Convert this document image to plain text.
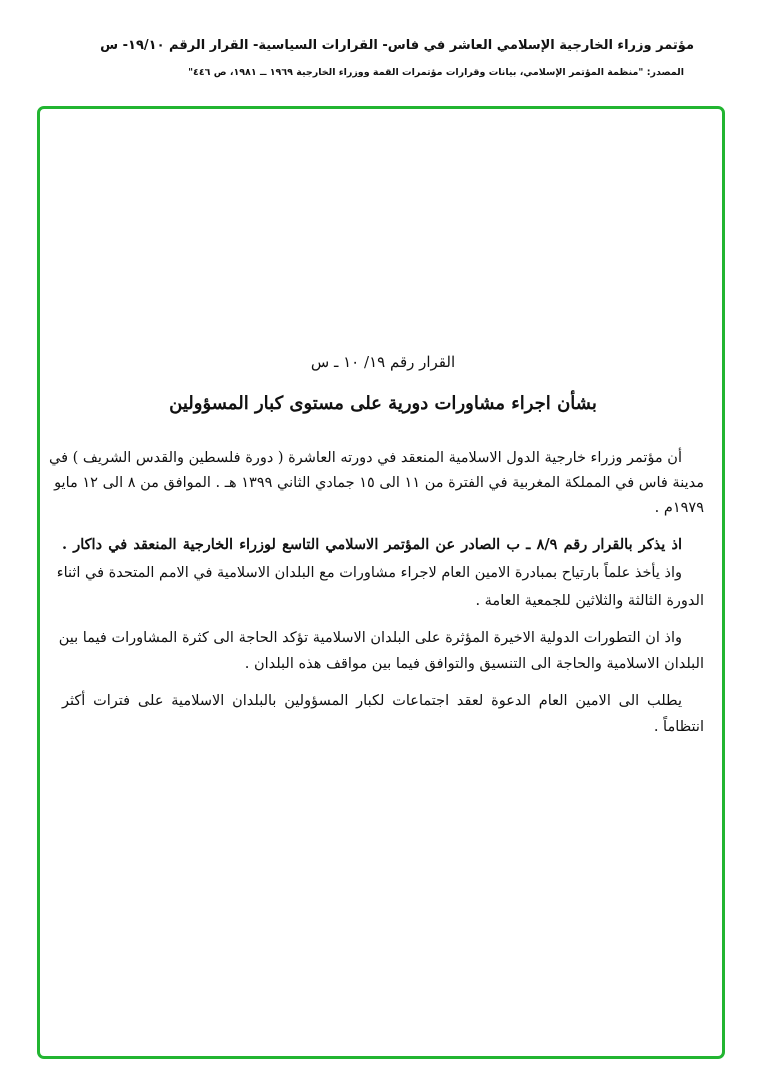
مؤتمر وزراء الخارجية الإسلامي العاشر في فاس- القرارات السياسية- القرار الرقم ١٩/١٠- س
المصدر: "منظمة المؤتمر الإسلامي، بيانات وقرارات مؤتمرات القمة ووزراء الخارجية ١٩٦٩ ــ ١٩٨١، ص ٤٤٦"
القرار رقم ١٩/ ١٠ ـ س
بشأن اجراء مشاورات دورية على مستوى كبار المسؤولين
أن مؤتمر وزراء خارجية الدول الاسلامية المنعقد في دورته العاشرة ( دورة فلسطين والقدس الشريف ) في
مدينة فاس في المملكة المغربية في الفترة من ١١ الى ١٥ جمادي الثاني ١٣٩٩ هـ . الموافق من ٨ الى ١٢ مايو
١٩٧٩م .
اذ يذكر بالقرار رقم ٨/٩ ـ ب الصادر عن المؤتمر الاسلامي التاسع لوزراء الخارجية المنعقد في داكار .
واذ يأخذ علماً بارتياح بمبادرة الامين العام لاجراء مشاورات مع البلدان الاسلامية في الامم المتحدة في اثناء
الدورة الثالثة والثلاثين للجمعية العامة .
واذ ان التطورات الدولية الاخيرة المؤثرة على البلدان الاسلامية تؤكد الحاجة الى كثرة المشاورات فيما بين
البلدان الاسلامية والحاجة الى التنسيق والتوافق فيما بين مواقف هذه البلدان .
يطلب الى الامين العام الدعوة لعقد اجتماعات لكبار المسؤولين بالبلدان الاسلامية على فترات أكثر
انتظاماً .
